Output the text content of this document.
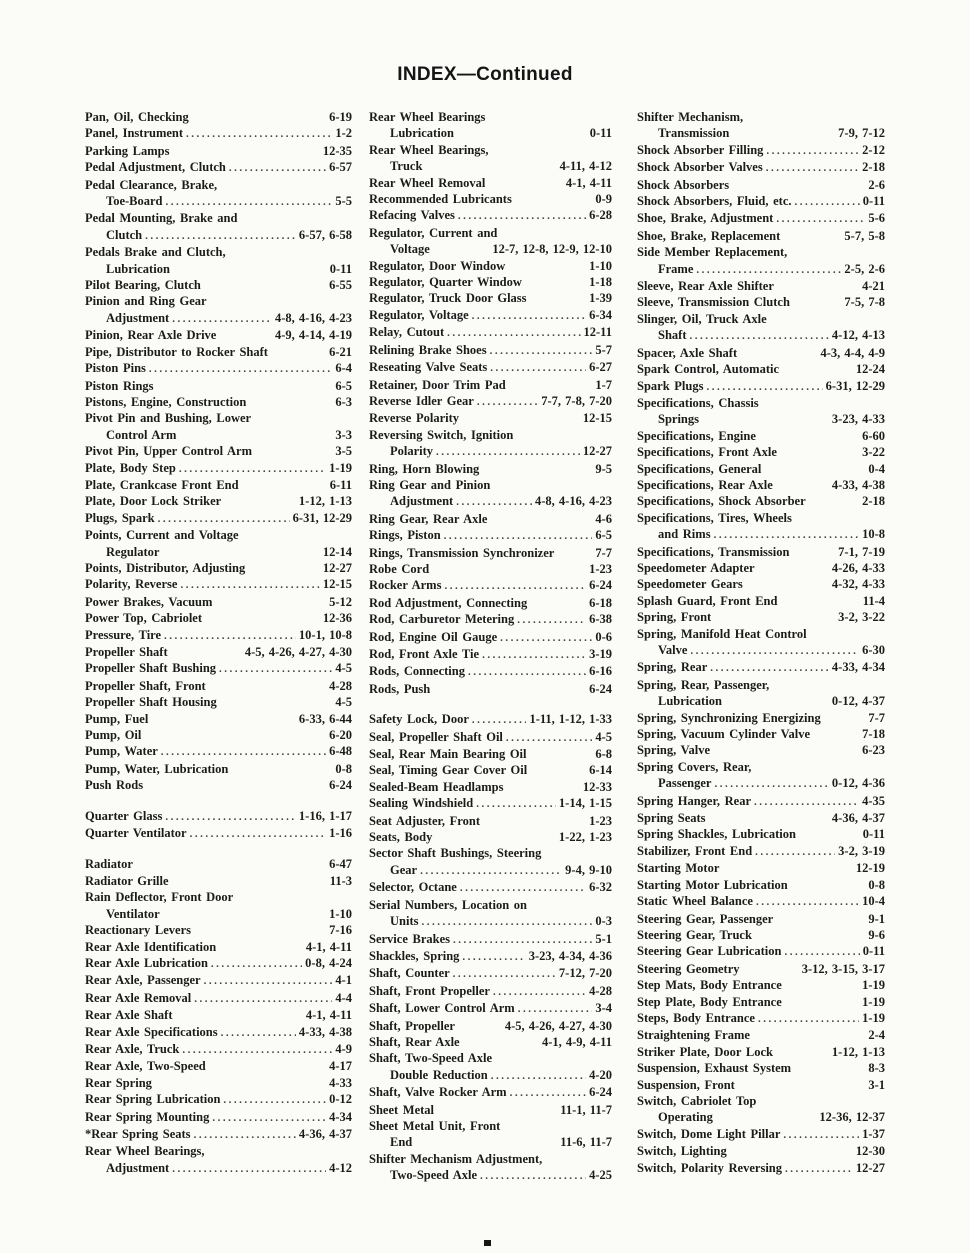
INDEX—Continued
Pan, Oil, Checking	6-19
Panel, Instrument .....	1-2
Parking Lamps	12-35
Pedal Adjustment, Clutch .....	6-57
Pedal Clearance, Brake,
Toe-Board .....	5-5
Pedal Mounting, Brake and
Clutch .....	6-57, 6-58
Pedals Brake and Clutch,
Lubrication	0-11
Pilot Bearing, Clutch	6-55
Pinion and Ring Gear
Adjustment .....	4-8, 4-16, 4-23
Pinion, Rear Axle Drive	4-9, 4-14, 4-19
Pipe, Distributor to Rocker Shaft	6-21
Piston Pins .....	6-4
Piston Rings	6-5
Pistons, Engine, Construction	6-3
Pivot Pin and Bushing, Lower
Control Arm	3-3
Pivot Pin, Upper Control Arm	3-5
Plate, Body Step .....	1-19
Plate, Crankcase Front End	6-11
Plate, Door Lock Striker	1-12, 1-13
Plugs, Spark .....	6-31, 12-29
Points, Current and Voltage
Regulator	12-14
Points, Distributor, Adjusting	12-27
Polarity, Reverse .....	12-15
Power Brakes, Vacuum	5-12
Power Top, Cabriolet	12-36
Pressure, Tire .....	10-1, 10-8
Propeller Shaft	4-5, 4-26, 4-27, 4-30
Propeller Shaft Bushing .....	4-5
Propeller Shaft, Front	4-28
Propeller Shaft Housing	4-5
Pump, Fuel	6-33, 6-44
Pump, Oil	6-20
Pump, Water .....	6-48
Pump, Water, Lubrication	0-8
Push Rods	6-24
Quarter Glass .....	1-16, 1-17
Quarter Ventilator .....	1-16
Radiator	6-47
Radiator Grille	11-3
Rain Deflector, Front Door
Ventilator	1-10
Reactionary Levers	7-16
Rear Axle Identification	4-1, 4-11
Rear Axle Lubrication .....	0-8, 4-24
Rear Axle, Passenger .....	4-1
Rear Axle Removal .....	4-4
Rear Axle Shaft	4-1, 4-11
Rear Axle Specifications .....	4-33, 4-38
Rear Axle, Truck .....	4-9
Rear Axle, Two-Speed	4-17
Rear Spring	4-33
Rear Spring Lubrication .....	0-12
Rear Spring Mounting .....	4-34
*Rear Spring Seats .....	4-36, 4-37
Rear Wheel Bearings,
Adjustment .....	4-12
Rear Wheel Bearings
Lubrication	0-11
Rear Wheel Bearings,
Truck	4-11, 4-12
Rear Wheel Removal	4-1, 4-11
Recommended Lubricants	0-9
Refacing Valves .....	6-28
Regulator, Current and
Voltage	12-7, 12-8, 12-9, 12-10
Regulator, Door Window	1-10
Regulator, Quarter Window	1-18
Regulator, Truck Door Glass	1-39
Regulator, Voltage .....	6-34
Relay, Cutout .....	12-11
Relining Brake Shoes .....	5-7
Reseating Valve Seats .....	6-27
Retainer, Door Trim Pad	1-7
Reverse Idler Gear .....	7-7, 7-8, 7-20
Reverse Polarity	12-15
Reversing Switch, Ignition
Polarity .....	12-27
Ring, Horn Blowing	9-5
Ring Gear and Pinion
Adjustment .....	4-8, 4-16, 4-23
Ring Gear, Rear Axle	4-6
Rings, Piston .....	6-5
Rings, Transmission Synchronizer	7-7
Robe Cord	1-23
Rocker Arms .....	6-24
Rod Adjustment, Connecting	6-18
Rod, Carburetor Metering .....	6-38
Rod, Engine Oil Gauge .....	0-6
Rod, Front Axle Tie .....	3-19
Rods, Connecting .....	6-16
Rods, Push	6-24
Safety Lock, Door .....	1-11, 1-12, 1-33
Seal, Propeller Shaft Oil .....	4-5
Seal, Rear Main Bearing Oil	6-8
Seal, Timing Gear Cover Oil	6-14
Sealed-Beam Headlamps	12-33
Sealing Windshield .....	1-14, 1-15
Seat Adjuster, Front	1-23
Seats, Body	1-22, 1-23
Sector Shaft Bushings, Steering
Gear .....	9-4, 9-10
Selector, Octane .....	6-32
Serial Numbers, Location on
Units .....	0-3
Service Brakes .....	5-1
Shackles, Spring .....	3-23, 4-34, 4-36
Shaft, Counter .....	7-12, 7-20
Shaft, Front Propeller .....	4-28
Shaft, Lower Control Arm .....	3-4
Shaft, Propeller	4-5, 4-26, 4-27, 4-30
Shaft, Rear Axle	4-1, 4-9, 4-11
Shaft, Two-Speed Axle
Double Reduction .....	4-20
Shaft, Valve Rocker Arm .....	6-24
Sheet Metal	11-1, 11-7
Sheet Metal Unit, Front
End	11-6, 11-7
Shifter Mechanism Adjustment,
Two-Speed Axle .....	4-25
Shifter Mechanism,
Transmission	7-9, 7-12
Shock Absorber Filling .....	2-12
Shock Absorber Valves .....	2-18
Shock Absorbers	2-6
Shock Absorbers, Fluid, etc. .....	0-11
Shoe, Brake, Adjustment .....	5-6
Shoe, Brake, Replacement	5-7, 5-8
Side Member Replacement,
Frame .....	2-5, 2-6
Sleeve, Rear Axle Shifter	4-21
Sleeve, Transmission Clutch	7-5, 7-8
Slinger, Oil, Truck Axle
Shaft .....	4-12, 4-13
Spacer, Axle Shaft	4-3, 4-4, 4-9
Spark Control, Automatic	12-24
Spark Plugs .....	6-31, 12-29
Specifications, Chassis
Springs	3-23, 4-33
Specifications, Engine	6-60
Specifications, Front Axle	3-22
Specifications, General	0-4
Specifications, Rear Axle	4-33, 4-38
Specifications, Shock Absorber	2-18
Specifications, Tires, Wheels
and Rims .....	10-8
Specifications, Transmission	7-1, 7-19
Speedometer Adapter	4-26, 4-33
Speedometer Gears	4-32, 4-33
Splash Guard, Front End	11-4
Spring, Front	3-2, 3-22
Spring, Manifold Heat Control
Valve .....	6-30
Spring, Rear .....	4-33, 4-34
Spring, Rear, Passenger,
Lubrication	0-12, 4-37
Spring, Synchronizing Energizing	7-7
Spring, Vacuum Cylinder Valve	7-18
Spring, Valve	6-23
Spring Covers, Rear,
Passenger .....	0-12, 4-36
Spring Hanger, Rear .....	4-35
Spring Seats	4-36, 4-37
Spring Shackles, Lubrication	0-11
Stabilizer, Front End .....	3-2, 3-19
Starting Motor	12-19
Starting Motor Lubrication	0-8
Static Wheel Balance .....	10-4
Steering Gear, Passenger	9-1
Steering Gear, Truck	9-6
Steering Gear Lubrication .....	0-11
Steering Geometry	3-12, 3-15, 3-17
Step Mats, Body Entrance	1-19
Step Plate, Body Entrance	1-19
Steps, Body Entrance .....	1-19
Straightening Frame	2-4
Striker Plate, Door Lock	1-12, 1-13
Suspension, Exhaust System	8-3
Suspension, Front	3-1
Switch, Cabriolet Top
Operating	12-36, 12-37
Switch, Dome Light Pillar .....	1-37
Switch, Lighting	12-30
Switch, Polarity Reversing .....	12-27
